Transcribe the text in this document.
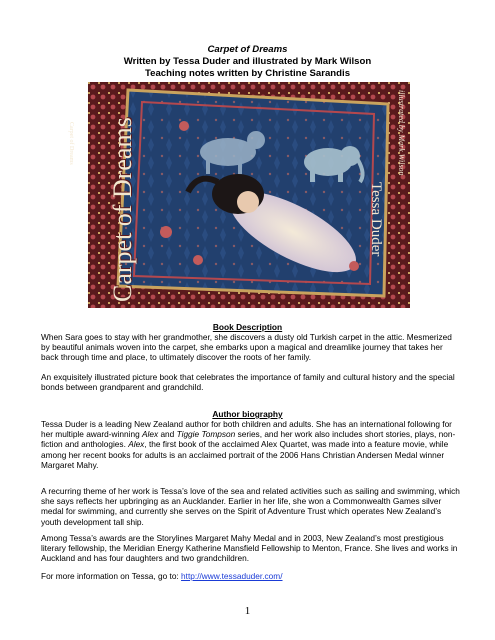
Carpet of Dreams
Written by Tessa Duder and illustrated by Mark Wilson
Teaching notes written by Christine Sarandis
Carpet of Dreams Carpet of Dreams	Tessa Duder
illustrated by Mark Wilson
Book Description
When Sara goes to stay with her grandmother, she discovers a dusty old Turkish carpet in the attic. Mesmerized by beautiful animals woven into the carpet, she embarks upon a magical and dreamlike journey that takes her back through time and place, to ultimately discover the roots of her family.
An exquisitely illustrated picture book that celebrates the importance of family and cultural history and the special bonds between grandparent and grandchild.
Author biography
Tessa Duder is a leading New Zealand author for both children and adults. She has an international following for her multiple award-winning Alex and Tiggie Tompson series, and her work also includes short stories, plays, non-fiction and anthologies. Alex, the first book of the acclaimed Alex Quartet, was made into a feature movie, while among her recent books for adults is an acclaimed portrait of the 2006 Hans Christian Andersen Medal winner Margaret Mahy.
A recurring theme of her work is Tessa’s love of the sea and related activities such as sailing and swimming, which she says reflects her upbringing as an Aucklander. Earlier in her life, she won a Commonwealth Games silver medal for swimming, and currently she serves on the Spirit of Adventure Trust which operates New Zealand’s youth development tall ship.
Among Tessa’s awards are the Storylines Margaret Mahy Medal and in 2003, New Zealand’s most prestigious literary fellowship, the Meridian Energy Katherine Mansfield Fellowship to Menton, France. She lives and works in Auckland and has four daughters and two grandchildren.
For more information on Tessa, go to: http://www.tessaduder.com/
1
